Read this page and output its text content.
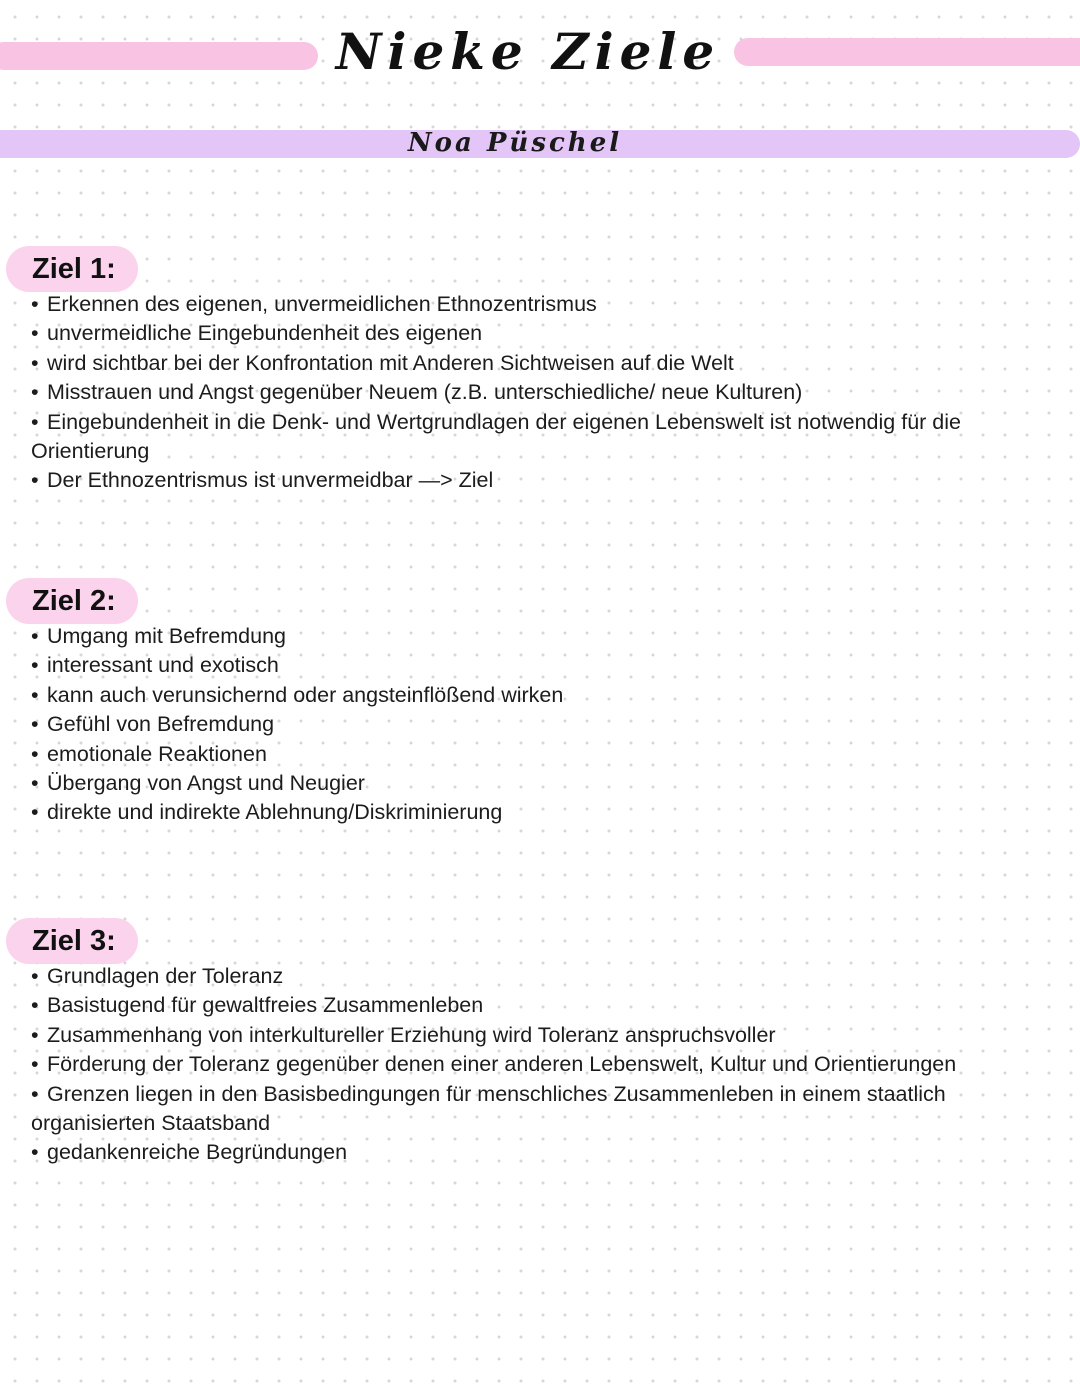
Nieke Ziele
Noa Püschel
Ziel 1:
• Erkennen des eigenen, unvermeidlichen Ethnozentrismus
• unvermeidliche Eingebundenheit des eigenen
• wird sichtbar bei der Konfrontation mit Anderen Sichtweisen auf die Welt
• Misstrauen und Angst gegenüber Neuem (z.B. unterschiedliche/ neue Kulturen)
• Eingebundenheit in die Denk- und Wertgrundlagen der eigenen Lebenswelt ist notwendig für die Orientierung
• Der Ethnozentrismus ist unvermeidbar —> Ziel
Ziel 2:
• Umgang mit Befremdung
• interessant und exotisch
• kann auch verunsichernd oder angsteinflößend wirken
• Gefühl von Befremdung
• emotionale Reaktionen
• Übergang von Angst und Neugier
• direkte und indirekte Ablehnung/Diskriminierung
Ziel 3:
• Grundlagen der Toleranz
• Basistugend für gewaltfreies Zusammenleben
• Zusammenhang von interkultureller Erziehung wird Toleranz anspruchsvoller
• Förderung der Toleranz gegenüber denen einer anderen Lebenswelt, Kultur und Orientierungen
• Grenzen liegen in den Basisbedingungen für menschliches Zusammenleben in einem staatlich organisierten Staatsband
• gedankenreiche Begründungen
